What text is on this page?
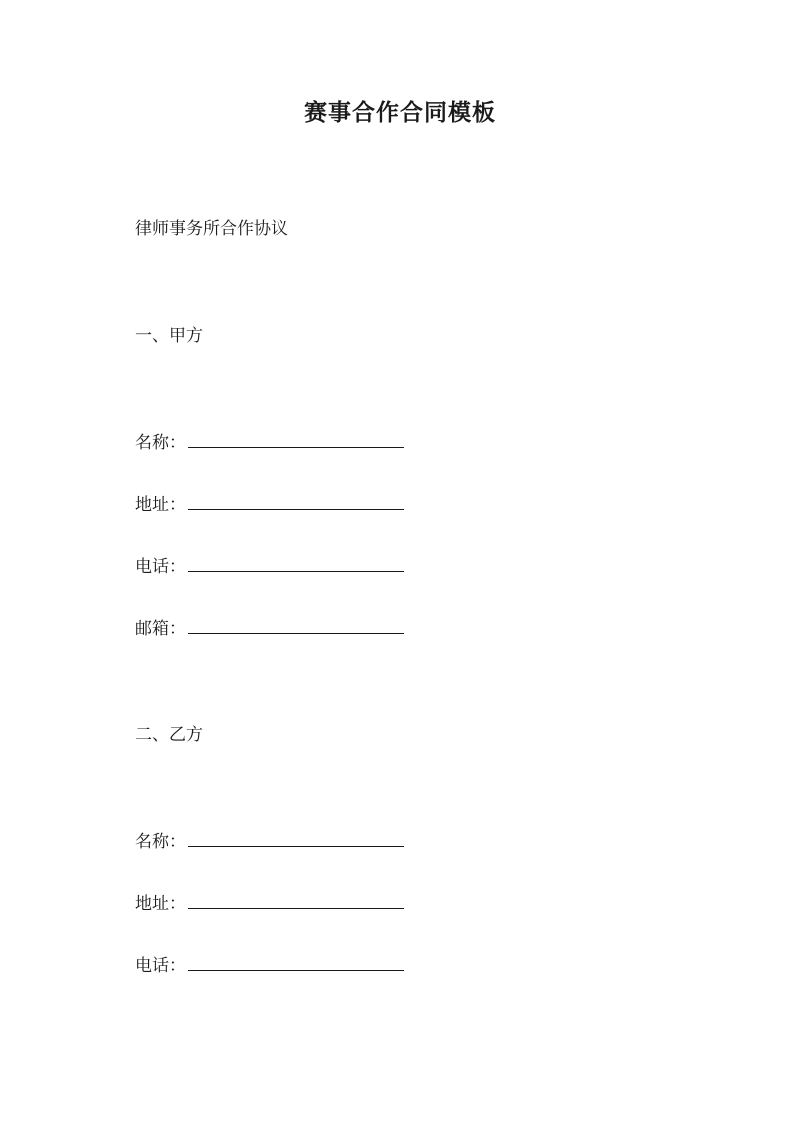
赛事合作合同模板
律师事务所合作协议
一、甲方
名称：
地址：
电话：
邮箱：
二、乙方
名称：
地址：
电话：
